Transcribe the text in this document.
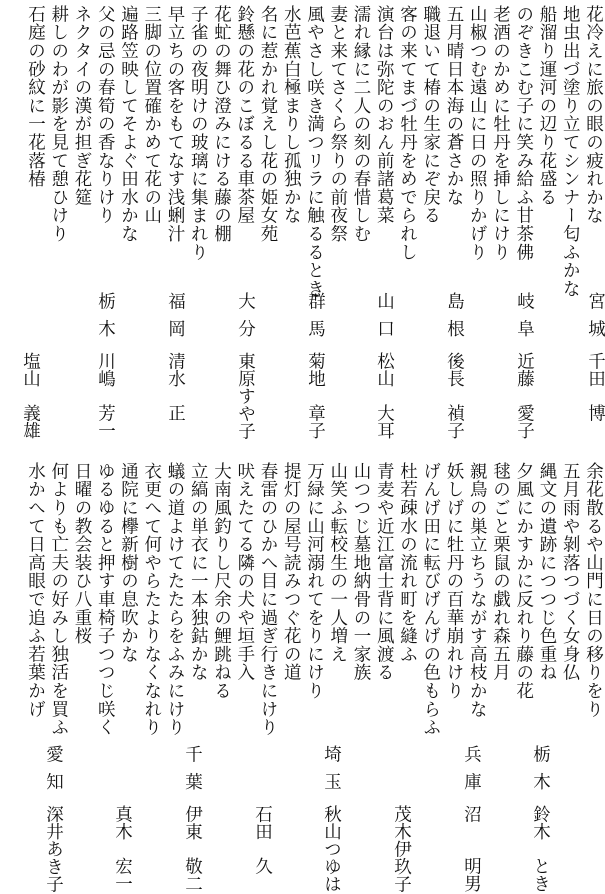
花冷えに旅の眼の疲れかな
地虫出づ塗り立てシンナー匂ふかな
船溜り運河の辺り花盛る
のぞきこむ子に笑み給ふ甘茶佛
老酒のかめに牡丹を挿しにけり
山椒つむ遠山に日の照りかげり
五月晴日本海の蒼さかな
職退いて椿の生家にぞ戻る
客の来てまづ牡丹をめでられし
演台は弥陀のおん前諸葛菜
濡れ縁に二人の刻の春惜しむ
妻と来てさくら祭りの前夜祭
風やさし咲き満つリラに触るるとき
水芭蕉白極まりし孤独かな
名に惹かれ覚えし花の姫女苑
鈴懸の花のこぼるる車茶屋
花虻の舞ひ澄みにける藤の棚
子雀の夜明けの玻璃に集まれり
早立ちの客をもてなす浅蜊汁
三脚の位置確かめて花の山
遍路笠映してそよぐ田水かな
父の忌の春筍の香なりけり
ネクタイの漢が担ぎ花筵
耕しのわが影を見て憩ひけり
石庭の砂紋に一花落椿
宮城
千田
博
岐阜
近藤
愛子
島根
後長
禎子
山口
松山
大耳
群馬
菊地
章子
大分
東原すや子
福岡
清水
正
栃木
川嶋
芳一
塩山
義雄
余花散るや山門に日の移りをり
五月雨や剝落つづく女身仏
縄文の遺跡につつじ色重ね
夕風にかすかに反れり藤の花
毬のごと栗鼠の戯れ森五月
親鳥の巣立ちうながす高枝かな
妖しげに牡丹の百華崩れけり
げんげ田に転びげんげの色もらふ
杜若疎水の流れ町を縫ふ
青麦や近江富士背に風渡る
山つつじ墓地納骨の一家族
山笑ふ転校生の一人増え
万緑に山河溺れてをりにけり
提灯の屋号読みつぐ花の道
春雷のひかへ目に過ぎ行きにけり
吠えたてる隣の犬や垣手入
大南風釣りし尺余の鯉跳ねる
立縞の単衣に一本独鈷かな
蟻の道よけてたたらをふみにけり
衣更へて何やらたよりなくなれり
通院に欅新樹の息吹かな
ゆるゆると押す車椅子つつじ咲く
日曜の教会装ひ八重桜
何よりも亡夫の好みし独活を買ふ
水かへて日高眼で追ふ若葉かげ
栃木
鈴木
とき
兵庫
沼
明男
茂木伊玖子
埼玉
秋山つゆは
石田
久
千葉
伊東
敬二
真木
宏一
愛知
深井あき子
